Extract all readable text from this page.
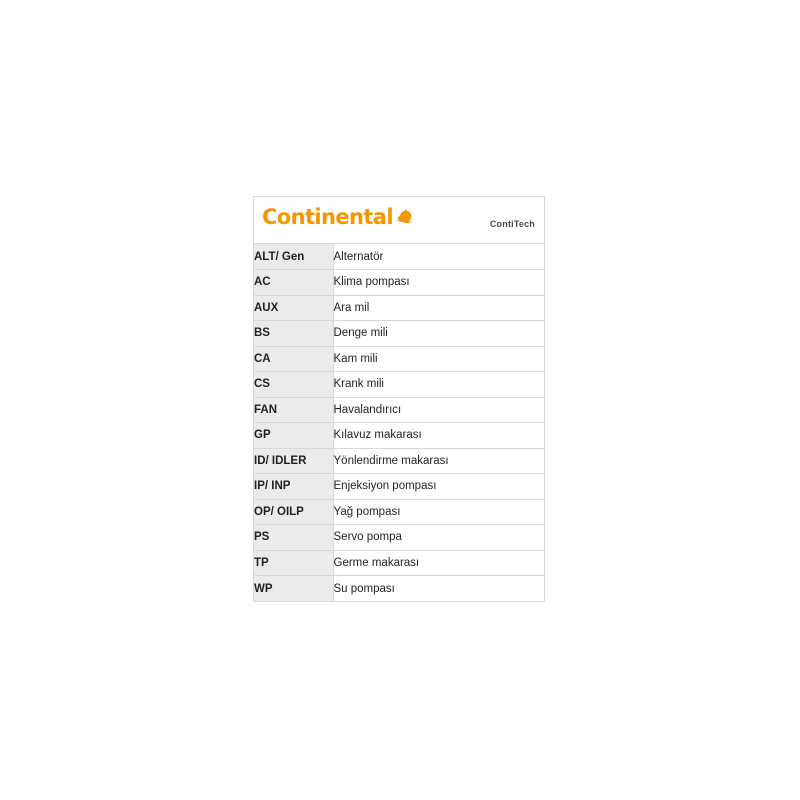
Continental	ContiTech
ALT/ Gen	Alternatör
AC	Klima pompası
AUX	Ara mil
BS	Denge mili
CA	Kam mili
CS	Krank mili
FAN	Havalandırıcı
GP	Kılavuz makarası
ID/ IDLER	Yönlendirme makarası
IP/ INP	Enjeksiyon pompası
OP/ OILP	Yağ pompası
PS	Servo pompa
TP	Germe makarası
WP	Su pompası
